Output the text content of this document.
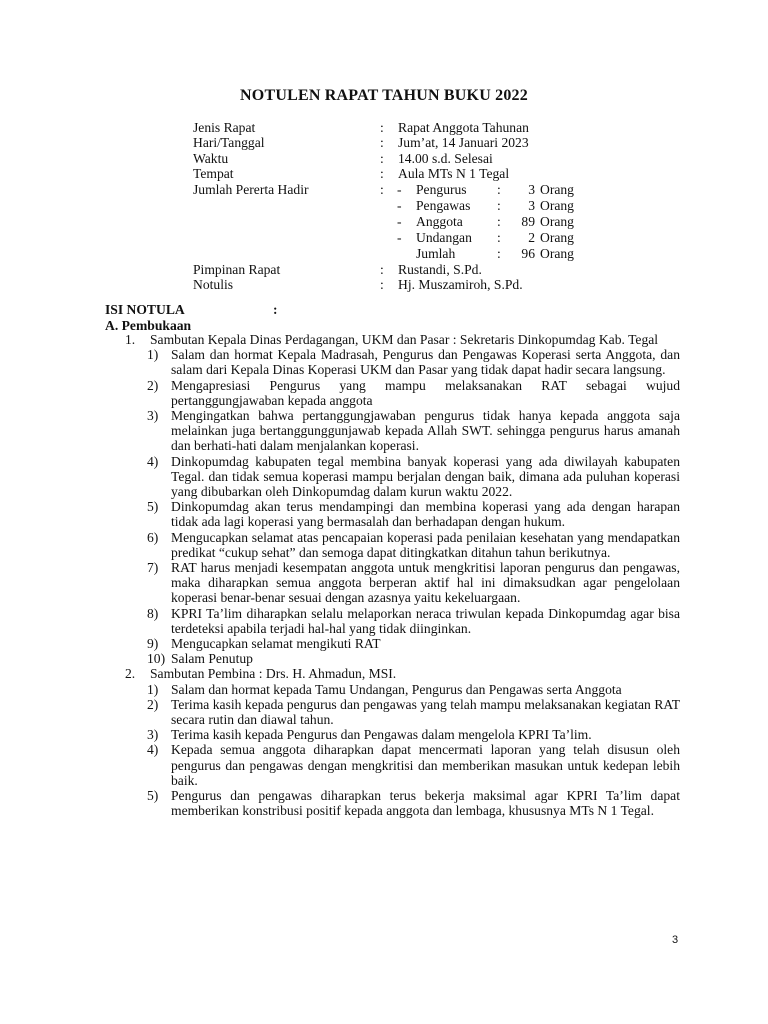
NOTULEN RAPAT TAHUN BUKU 2022
Jenis Rapat	: Rapat Anggota Tahunan
Hari/Tanggal	: Jum’at, 14 Januari 2023
Waktu	: 14.00 s.d. Selesai
Tempat	: Aula MTs N 1 Tegal
Jumlah Pererta Hadir	: - Pengurus :	3 Orang
- Pengawas :	3 Orang
- Anggota	:	89 Orang
- Undangan :	2 Orang
Jumlah	:	96 Orang
Pimpinan Rapat	: Rustandi, S.Pd.
Notulis	: Hj. Muszamiroh, S.Pd.
ISI NOTULA	:
A. Pembukaan
1. Sambutan Kepala Dinas Perdagangan, UKM dan Pasar : Sekretaris Dinkopumdag Kab. Tegal
1) Salam dan hormat Kepala Madrasah, Pengurus dan Pengawas Koperasi serta Anggota, dan salam dari Kepala Dinas Koperasi UKM dan Pasar yang tidak dapat hadir secara langsung.
2) Mengapresiasi Pengurus yang mampu melaksanakan RAT sebagai wujud pertanggungjawaban kepada anggota
3) Mengingatkan bahwa pertanggungjawaban pengurus tidak hanya kepada anggota saja melainkan juga bertanggunggunjawab kepada Allah SWT. sehingga pengurus harus amanah dan berhati-hati dalam menjalankan koperasi.
4) Dinkopumdag kabupaten tegal membina banyak koperasi yang ada diwilayah kabupaten Tegal. dan tidak semua koperasi mampu berjalan dengan baik, dimana ada puluhan koperasi yang dibubarkan oleh Dinkopumdag dalam kurun waktu 2022.
5) Dinkopumdag akan terus mendampingi dan membina koperasi yang ada dengan harapan tidak ada lagi koperasi yang bermasalah dan berhadapan dengan hukum.
6) Mengucapkan selamat atas pencapaian koperasi pada penilaian kesehatan yang mendapatkan predikat “cukup sehat” dan semoga dapat ditingkatkan ditahun tahun berikutnya.
7) RAT harus menjadi kesempatan anggota untuk mengkritisi laporan pengurus dan pengawas, maka diharapkan semua anggota berperan aktif hal ini dimaksudkan agar pengelolaan koperasi benar-benar sesuai dengan azasnya yaitu kekeluargaan.
8) KPRI Ta’lim diharapkan selalu melaporkan neraca triwulan kepada Dinkopumdag agar bisa terdeteksi apabila terjadi hal-hal yang tidak diinginkan.
9) Mengucapkan selamat mengikuti RAT
10) Salam Penutup
2. Sambutan Pembina : Drs. H. Ahmadun, MSI.
1) Salam dan hormat kepada Tamu Undangan, Pengurus dan Pengawas serta Anggota
2) Terima kasih kepada pengurus dan pengawas yang telah mampu melaksanakan kegiatan RAT secara rutin dan diawal tahun.
3) Terima kasih kepada Pengurus dan Pengawas dalam mengelola KPRI Ta’lim.
4) Kepada semua anggota diharapkan dapat mencermati laporan yang telah disusun oleh pengurus dan pengawas dengan mengkritisi dan memberikan masukan untuk kedepan lebih baik.
5) Pengurus dan pengawas diharapkan terus bekerja maksimal agar KPRI Ta’lim dapat memberikan konstribusi positif kepada anggota dan lembaga, khususnya MTs N 1 Tegal.
3
